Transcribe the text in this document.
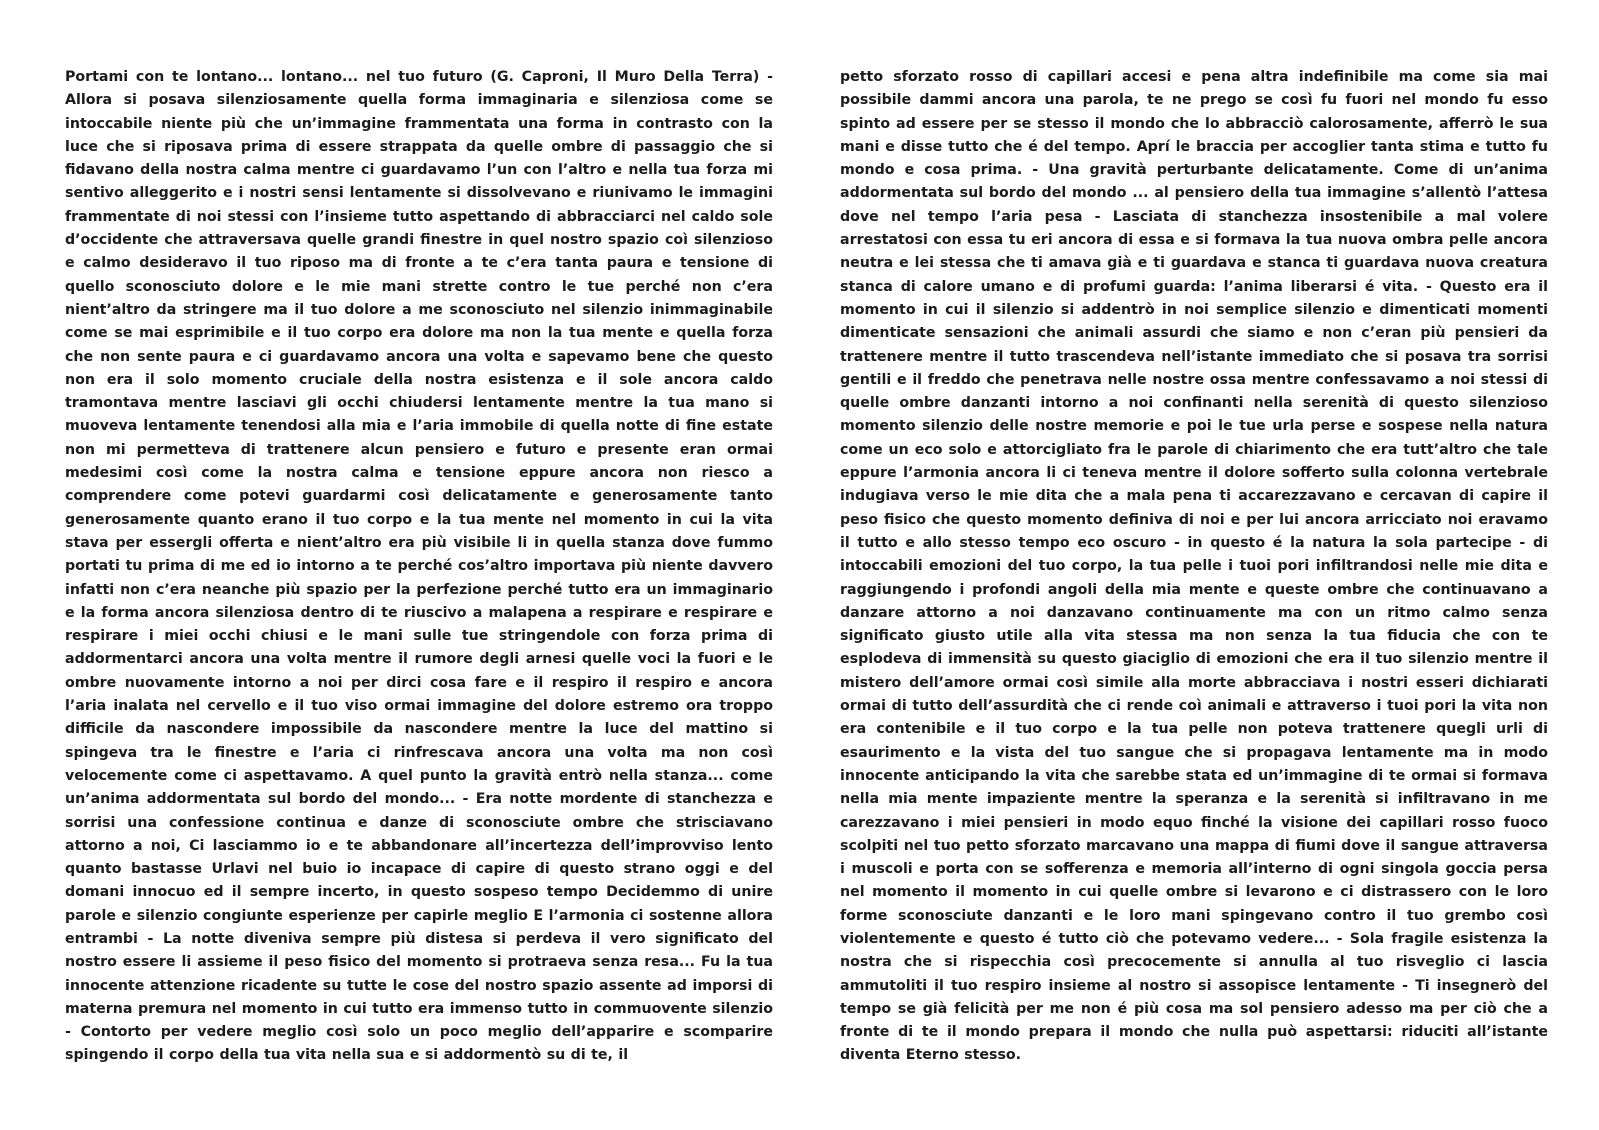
Portami con te lontano... lontano... nel tuo futuro (G. Caproni, Il Muro Della Terra) - Allora si posava silenziosamente quella forma immaginaria e silenziosa come se intoccabile niente più che un’immagine frammentata una forma in contrasto con la luce che si riposava prima di essere strappata da quelle ombre di passaggio che si fidavano della nostra calma mentre ci guardavamo l’un con l’altro e nella tua forza mi sentivo alleggerito e i nostri sensi lentamente si dissolvevano e riunivamo le immagini frammentate di noi stessi con l’insieme tutto aspettando di abbracciarci nel caldo sole d’occidente che attraversava quelle grandi finestre in quel nostro spazio coì silenzioso e calmo desideravo il tuo riposo ma di fronte a te c’era tanta paura e tensione di quello sconosciuto dolore e le mie mani strette contro le tue perché non c’era nient’altro da stringere ma il tuo dolore a me sconosciuto nel silenzio inimmaginabile come se mai esprimibile e il tuo corpo era dolore ma non la tua mente e quella forza che non sente paura e ci guardavamo ancora una volta e sapevamo bene che questo non era il solo momento cruciale della nostra esistenza e il sole ancora caldo tramontava mentre lasciavi gli occhi chiudersi lentamente mentre la tua mano si muoveva lentamente tenendosi alla mia e l’aria immobile di quella notte di fine estate non mi permetteva di trattenere alcun pensiero e futuro e presente eran ormai medesimi così come la nostra calma e tensione eppure ancora non riesco a comprendere come potevi guardarmi così delicatamente e generosamente tanto generosamente quanto erano il tuo corpo e la tua mente nel momento in cui la vita stava per essergli offerta e nient’altro era più visibile li in quella stanza dove fummo portati tu prima di me ed io intorno a te perché cos’altro importava più niente davvero infatti non c’era neanche più spazio per la perfezione perché tutto era un immaginario e la forma ancora silenziosa dentro di te riuscivo a malapena a respirare e respirare e respirare i miei occhi chiusi e le mani sulle tue stringendole con forza prima di addormentarci ancora una volta mentre il rumore degli arnesi quelle voci la fuori e le ombre nuovamente intorno a noi per dirci cosa fare e il respiro il respiro e ancora l’aria inalata nel cervello e il tuo viso ormai immagine del dolore estremo ora troppo difficile da nascondere impossibile da nascondere mentre la luce del mattino si spingeva tra le finestre e l’aria ci rinfrescava ancora una volta ma non così velocemente come ci aspettavamo. A quel punto la gravità entrò nella stanza... come un’anima addormentata sul bordo del mondo... - Era notte mordente di stanchezza e sorrisi una confessione continua e danze di sconosciute ombre che strisciavano attorno a noi, Ci lasciammo io e te abbandonare all’incertezza dell’improvviso lento quanto bastasse Urlavi nel buio io incapace di capire di questo strano oggi e del domani innocuo ed il sempre incerto, in questo sospeso tempo Decidemmo di unire parole e silenzio congiunte esperienze per capirle meglio E l’armonia ci sostenne allora entrambi - La notte diveniva sempre più distesa si perdeva il vero significato del nostro essere li assieme il peso fisico del momento si protraeva senza resa... Fu la tua innocente attenzione ricadente su tutte le cose del nostro spazio assente ad imporsi di materna premura nel momento in cui tutto era immenso tutto in commuovente silenzio - Contorto per vedere meglio così solo un poco meglio dell’apparire e scomparire spingendo il corpo della tua vita nella sua e si addormentò su di te, il

petto sforzato rosso di capillari accesi e pena altra indefinibile ma come sia mai possibile dammi ancora una parola, te ne prego se così fu fuori nel mondo fu esso spinto ad essere per se stesso il mondo che lo abbracciò calorosamente, afferrò le sua mani e disse tutto che é del tempo. Aprí le braccia per accoglier tanta stima e tutto fu mondo e cosa prima. - Una gravità perturbante delicatamente. Come di un’anima addormentata sul bordo del mondo ... al pensiero della tua immagine s’allentò l’attesa dove nel tempo l’aria pesa - Lasciata di stanchezza insostenibile a mal volere arrestatosi con essa tu eri ancora di essa e si formava la tua nuova ombra pelle ancora neutra e lei stessa che ti amava già e ti guardava e stanca ti guardava nuova creatura stanca di calore umano e di profumi guarda: l’anima liberarsi é vita. - Questo era il momento in cui il silenzio si addentrò in noi semplice silenzio e dimenticati momenti dimenticate sensazioni che animali assurdi che siamo e non c’eran più pensieri da trattenere mentre il tutto trascendeva nell’istante immediato che si posava tra sorrisi gentili e il freddo che penetrava nelle nostre ossa mentre confessavamo a noi stessi di quelle ombre danzanti intorno a noi confinanti nella serenità di questo silenzioso momento silenzio delle nostre memorie e poi le tue urla perse e sospese nella natura come un eco solo e attorcigliato fra le parole di chiarimento che era tutt’altro che tale eppure l’armonia ancora li ci teneva mentre il dolore sofferto sulla colonna vertebrale indugiava verso le mie dita che a mala pena ti accarezzavano e cercavan di capire il peso fisico che questo momento definiva di noi e per lui ancora arricciato noi eravamo il tutto e allo stesso tempo eco oscuro - in questo é la natura la sola partecipe - di intoccabili emozioni del tuo corpo, la tua pelle i tuoi pori infiltrandosi nelle mie dita e raggiungendo i profondi angoli della mia mente e queste ombre che continuavano a danzare attorno a noi danzavano continuamente ma con un ritmo calmo senza significato giusto utile alla vita stessa ma non senza la tua fiducia che con te esplodeva di immensità su questo giaciglio di emozioni che era il tuo silenzio mentre il mistero dell’amore ormai così simile alla morte abbracciava i nostri esseri dichiarati ormai di tutto dell’assurdità che ci rende coì animali e attraverso i tuoi pori la vita non era contenibile e il tuo corpo e la tua pelle non poteva trattenere quegli urli di esaurimento e la vista del tuo sangue che si propagava lentamente ma in modo innocente anticipando la vita che sarebbe stata ed un’immagine di te ormai si formava nella mia mente impaziente mentre la speranza e la serenità si infiltravano in me carezzavano i miei pensieri in modo equo finché la visione dei capillari rosso fuoco scolpiti nel tuo petto sforzato marcavano una mappa di fiumi dove il sangue attraversa i muscoli e porta con se sofferenza e memoria all’interno di ogni singola goccia persa nel momento il momento in cui quelle ombre si levarono e ci distrassero con le loro forme sconosciute danzanti e le loro mani spingevano contro il tuo grembo così violentemente e questo é tutto ciò che potevamo vedere... - Sola fragile esistenza la nostra che si rispecchia così precocemente si annulla al tuo risveglio ci lascia ammutoliti il tuo respiro insieme al nostro si assopisce lentamente - Ti insegnerò del tempo se già felicità per me non é più cosa ma sol pensiero adesso ma per ciò che a fronte di te il mondo prepara il mondo che nulla può aspettarsi: riduciti all’istante diventa Eterno stesso.
